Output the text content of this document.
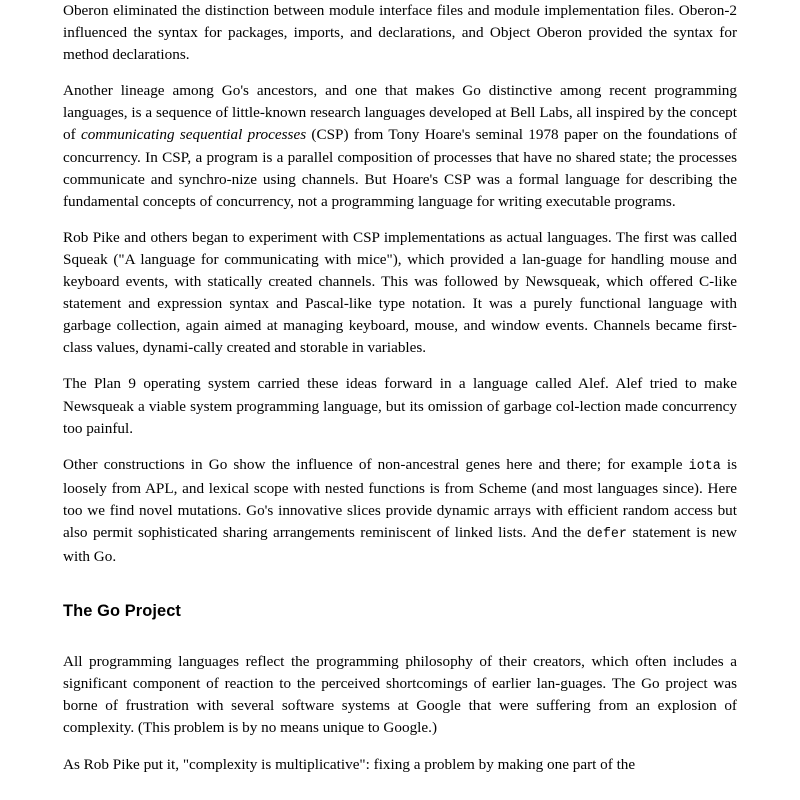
Oberon eliminated the distinction between module interface files and module implementation files. Oberon-2 influenced the syntax for packages, imports, and declarations, and Object Oberon provided the syntax for method declarations.

Another lineage among Go's ancestors, and one that makes Go distinctive among recent programming languages, is a sequence of little-known research languages developed at Bell Labs, all inspired by the concept of communicating sequential processes (CSP) from Tony Hoare's seminal 1978 paper on the foundations of concurrency. In CSP, a program is a parallel composition of processes that have no shared state; the processes communicate and synchro-nize using channels. But Hoare's CSP was a formal language for describing the fundamental concepts of concurrency, not a programming language for writing executable programs.

Rob Pike and others began to experiment with CSP implementations as actual languages. The first was called Squeak ("A language for communicating with mice"), which provided a lan-guage for handling mouse and keyboard events, with statically created channels. This was followed by Newsqueak, which offered C-like statement and expression syntax and Pascal-like type notation. It was a purely functional language with garbage collection, again aimed at managing keyboard, mouse, and window events. Channels became first-class values, dynami-cally created and storable in variables.

The Plan 9 operating system carried these ideas forward in a language called Alef. Alef tried to make Newsqueak a viable system programming language, but its omission of garbage col-lection made concurrency too painful.

Other constructions in Go show the influence of non-ancestral genes here and there; for example iota is loosely from APL, and lexical scope with nested functions is from Scheme (and most languages since). Here too we find novel mutations. Go's innovative slices provide dynamic arrays with efficient random access but also permit sophisticated sharing arrangements reminiscent of linked lists. And the defer statement is new with Go.

The Go Project

All programming languages reflect the programming philosophy of their creators, which often includes a significant component of reaction to the perceived shortcomings of earlier lan-guages. The Go project was borne of frustration with several software systems at Google that were suffering from an explosion of complexity. (This problem is by no means unique to Google.)

As Rob Pike put it, "complexity is multiplicative": fixing a problem by making one part of the
